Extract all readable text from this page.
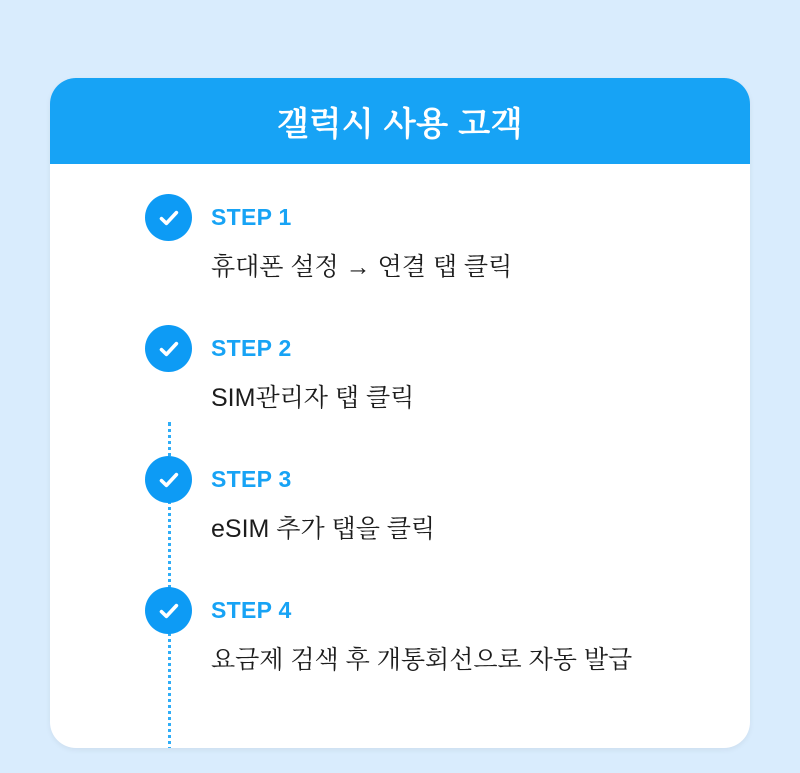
갤럭시 사용 고객
STEP 1
휴대폰 설정 → 연결 탭 클릭
STEP 2
SIM관리자 탭 클릭
STEP 3
eSIM 추가 탭을 클릭
STEP 4
요금제 검색 후 개통회선으로 자동 발급
